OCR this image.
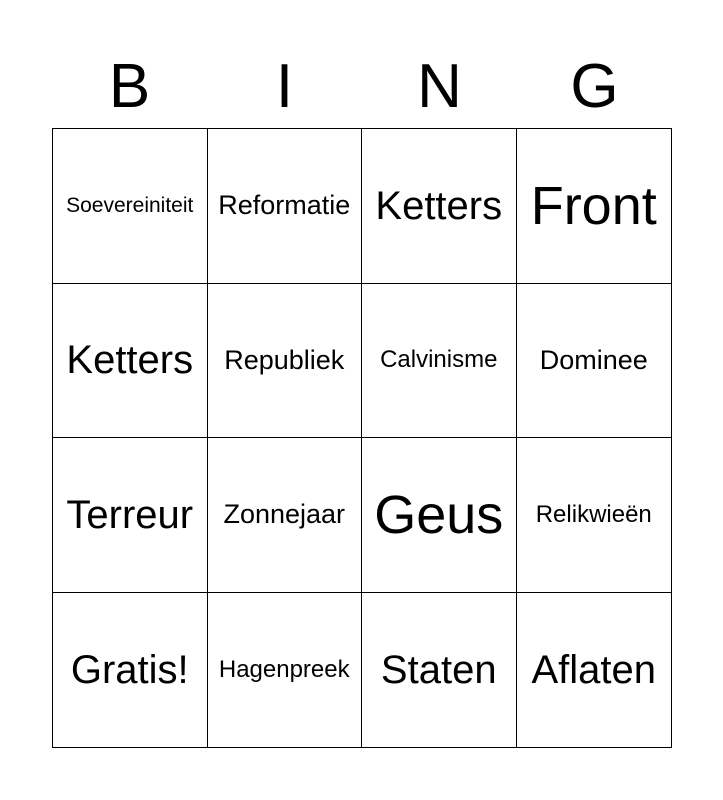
B	I	N	G
Soevereiniteit Reformatie Ketters Front
Ketters Republiek Calvinisme Dominee
Terreur Zonnejaar Geus Relikwieën
Gratis! Hagenpreek Staten Aflaten
